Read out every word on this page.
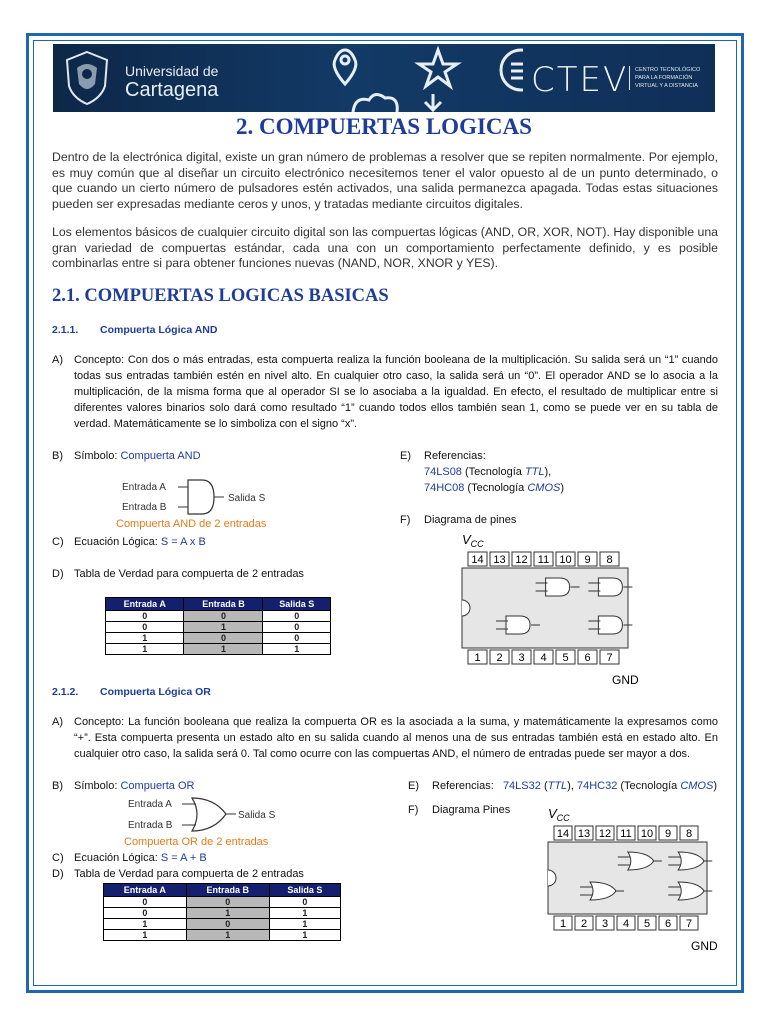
Universidad de
Cartagena	CTEV	CENTRO TECNOLÓGICO PARA LA FORMACIÓN VIRTUAL Y A DISTANCIA
2. COMPUERTAS LOGICAS
Dentro de la electrónica digital, existe un gran número de problemas a resolver que se repiten normalmente. Por ejemplo, es muy común que al diseñar un circuito electrónico necesitemos tener el valor opuesto al de un punto determinado, o que cuando un cierto número de pulsadores estén activados, una salida permanezca apagada. Todas estas situaciones pueden ser expresadas mediante ceros y unos, y tratadas mediante circuitos digitales.
Los elementos básicos de cualquier circuito digital son las compuertas lógicas (AND, OR, XOR, NOT). Hay disponible una gran variedad de compuertas estándar, cada una con un comportamiento perfectamente definido, y es posible combinarlas entre si para obtener funciones nuevas (NAND, NOR, XNOR y YES).
2.1. COMPUERTAS LOGICAS BASICAS
2.1.1. Compuerta Lógica AND
A) Concepto: Con dos o más entradas, esta compuerta realiza la función booleana de la multiplicación. Su salida será un “1” cuando todas sus entradas también estén en nivel alto. En cualquier otro caso, la salida será un “0”. El operador AND se lo asocia a la multiplicación, de la misma forma que al operador SI se lo asociaba a la igualdad. En efecto, el resultado de multiplicar entre si diferentes valores binarios solo dará como resultado “1” cuando todos ellos también sean 1, como se puede ver en su tabla de verdad. Matemáticamente se lo simboliza con el signo “x”.
B) Símbolo: Compuerta AND
Entrada A
Entrada B
Salida S
Compuerta AND de 2 entradas
C) Ecuación Lógica: S = A x B
D) Tabla de Verdad para compuerta de 2 entradas
Entrada A	Entrada B	Salida S
0	0	0
0	1	0
1	0	0
1	1	1
E) Referencias:
74LS08 (Tecnología TTL),
74HC08 (Tecnología CMOS)
F) Diagrama de pines
$V_{CC}$
14
1
13
2
12
3
11
4
10
5
9
6
8
7
GND
2.1.2. Compuerta Lógica OR
A) Concepto: La función booleana que realiza la compuerta OR es la asociada a la suma, y matemáticamente la expresamos como “+”. Esta compuerta presenta un estado alto en su salida cuando al menos una de sus entradas también está en estado alto. En cualquier otro caso, la salida será 0. Tal como ocurre con las compuertas AND, el número de entradas puede ser mayor a dos.
B) Símbolo: Compuerta OR
Entrada A
Entrada B
Salida S
Compuerta OR de 2 entradas
C) Ecuación Lógica: S = A + B
D) Tabla de Verdad para compuerta de 2 entradas
Entrada A	Entrada B	Salida S
0	0	0
0	1	1
1	0	1
1	1	1
E) Referencias: 74LS32 (TTL), 74HC32 (Tecnología CMOS)
F) Diagrama Pines	$V_{CC}$
14
1
13
2
12
3
11
4
10
5
9
6
8
7
GND
